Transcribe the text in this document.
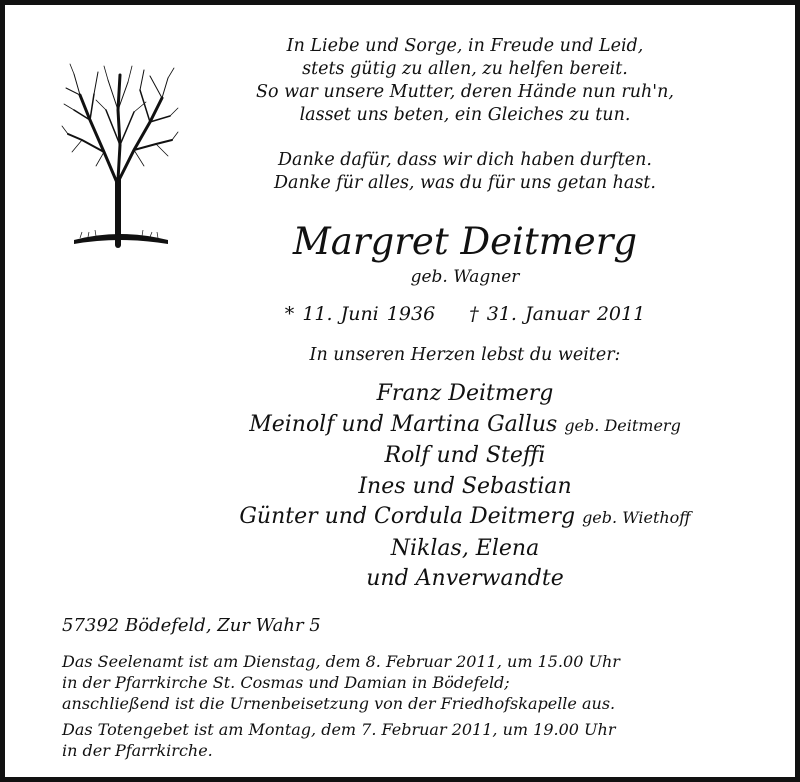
In Liebe und Sorge, in Freude und Leid,
stets gütig zu allen, zu helfen bereit.
So war unsere Mutter, deren Hände nun ruh'n,
lasset uns beten, ein Gleiches zu tun.
Danke dafür, dass wir dich haben durften.
Danke für alles, was du für uns getan hast.
Margret Deitmerg
geb. Wagner
* 11. Juni 1936 † 31. Januar 2011
In unseren Herzen lebst du weiter:
Franz Deitmerg
Meinolf und Martina Gallus geb. Deitmerg
Rolf und Steffi
Ines und Sebastian
Günter und Cordula Deitmerg geb. Wiethoff
Niklas, Elena
und Anverwandte
57392 Bödefeld, Zur Wahr 5
Das Seelenamt ist am Dienstag, dem 8. Februar 2011, um 15.00 Uhr
in der Pfarrkirche St. Cosmas und Damian in Bödefeld;
anschließend ist die Urnenbeisetzung von der Friedhofskapelle aus.
Das Totengebet ist am Montag, dem 7. Februar 2011, um 19.00 Uhr
in der Pfarrkirche.
